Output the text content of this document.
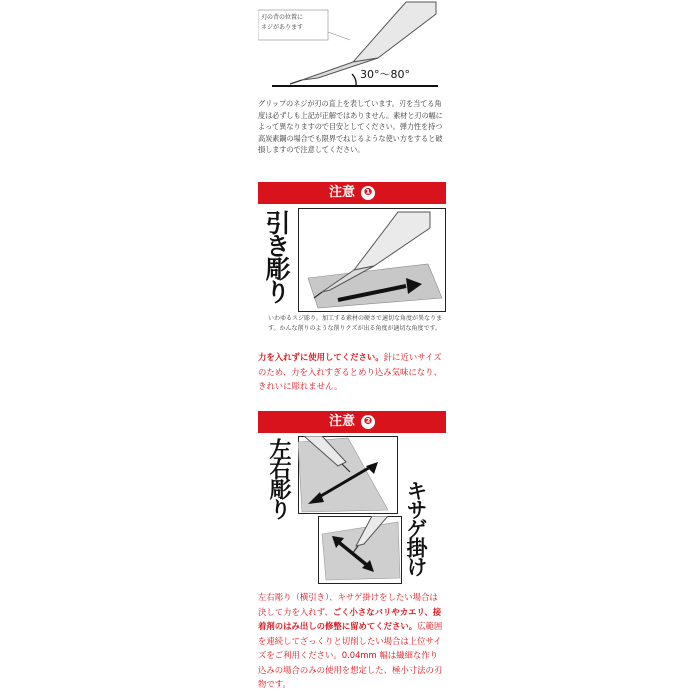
刃の背の位置に
ネジがあります
30°〜80°
グリップのネジが刃の直上を表しています。刃を当てる角度は必ずしも上記が正解ではありません。素材と刃の幅によって異なりますので目安としてください。弾力性を持つ高炭素鋼の場合でも限界でねじるような使い方をすると破損しますので注意してください。
注意 ❶
引き彫り
いわゆるスジ彫り。加工する素材の硬さで適切な角度が異なります。かんな削りのような削りクズが出る角度が適切な角度です。
力を入れずに使用してください。針に近いサイズのため、力を入れすぎるとめり込み気味になり、きれいに彫れません。
注意 ❷
左右彫り
キサゲ掛け
左右彫り（横引き）、キサゲ掛けをしたい場合は決して力を入れず、ごく小さなバリやカエリ、接着剤のはみ出しの修整に留めてください。広範囲を連続してざっくりと切削したい場合は上位サイズをご利用ください。0.04mm 幅は繊細な作り込みの場合のみの使用を想定した、極小寸法の刃物です。
